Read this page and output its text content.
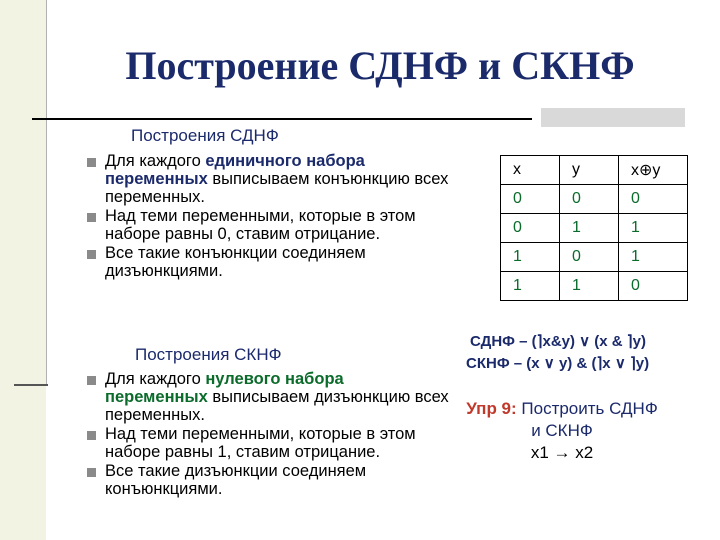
Построение СДНФ и СКНФ
Построения СДНФ
Для каждого единичного набора переменных выписываем конъюнкцию всех переменных.
Над теми переменными, которые в этом наборе равны 0, ставим отрицание.
Все такие конъюнкции соединяем дизъюнкциями.
Построения СКНФ
Для каждого нулевого набора переменных выписываем дизъюнкцию всех переменных.
Над теми переменными, которые в этом наборе равны 1, ставим отрицание.
Все такие дизъюнкции соединяем конъюнкциями.
x	y	x⊕y
0	0	0
0	1	1
1	0	1
1	1	0
СДНФ – (⌉x&y) ∨ (x & ⌉y)
СКНФ – (x ∨ y) & (⌉x ∨ ⌉y)
Упр 9: Построить СДНФ и СКНФ
x1 → x2
